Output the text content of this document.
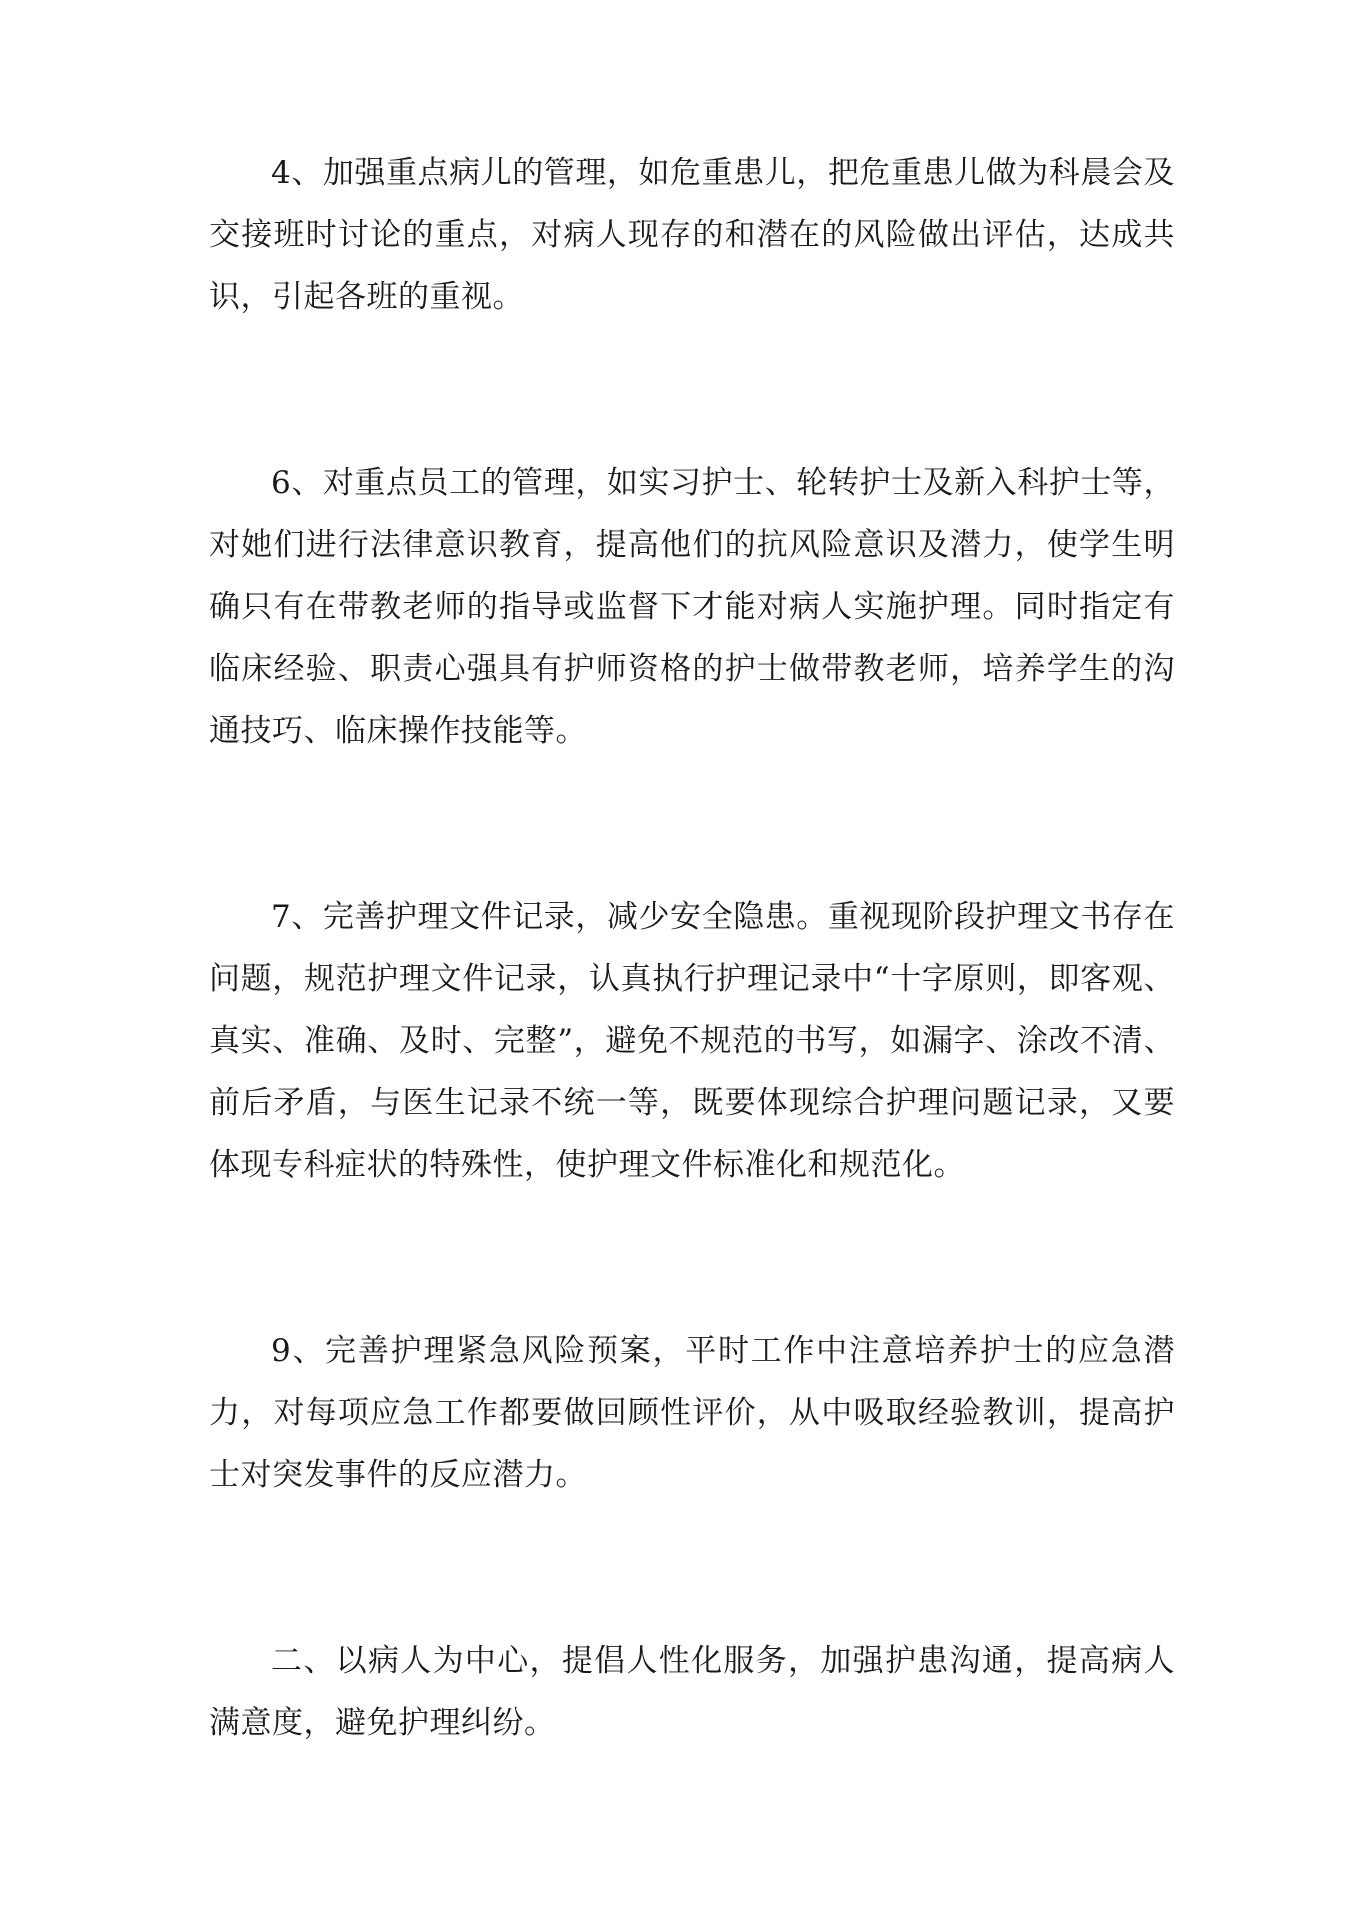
4、加强重点病儿的管理，如危重患儿，把危重患儿做为科晨会及交接班时讨论的重点，对病人现存的和潜在的风险做出评估，达成共识，引起各班的重视。

6、对重点员工的管理，如实习护士、轮转护士及新入科护士等，对她们进行法律意识教育，提高他们的抗风险意识及潜力，使学生明确只有在带教老师的指导或监督下才能对病人实施护理。同时指定有临床经验、职责心强具有护师资格的护士做带教老师，培养学生的沟通技巧、临床操作技能等。

7、完善护理文件记录，减少安全隐患。重视现阶段护理文书存在问题，规范护理文件记录，认真执行护理记录中“十字原则，即客观、真实、准确、及时、完整”，避免不规范的书写，如漏字、涂改不清、前后矛盾，与医生记录不统一等，既要体现综合护理问题记录，又要体现专科症状的特殊性，使护理文件标准化和规范化。

9、完善护理紧急风险预案，平时工作中注意培养护士的应急潜力，对每项应急工作都要做回顾性评价，从中吸取经验教训，提高护士对突发事件的反应潜力。

二、以病人为中心，提倡人性化服务，加强护患沟通，提高病人满意度，避免护理纠纷。
